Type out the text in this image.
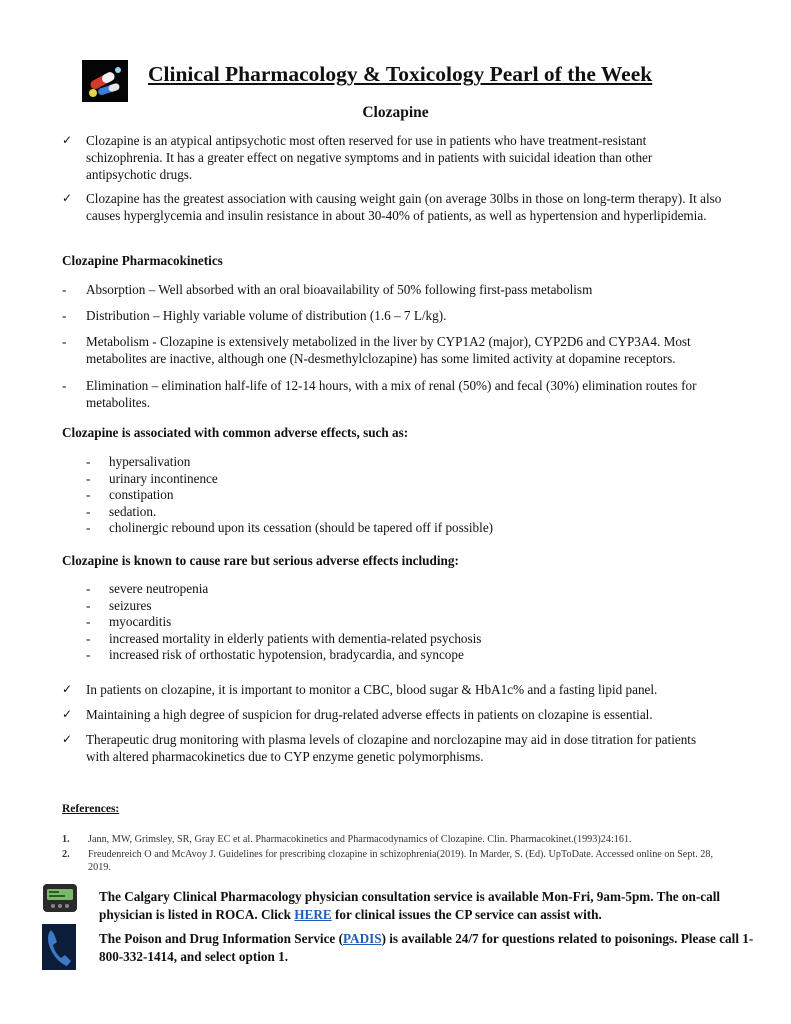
Clinical Pharmacology & Toxicology Pearl of the Week
Clozapine
✓ Clozapine is an atypical antipsychotic most often reserved for use in patients who have treatment-resistant schizophrenia. It has a greater effect on negative symptoms and in patients with suicidal ideation than other antipsychotic drugs.
✓ Clozapine has the greatest association with causing weight gain (on average 30lbs in those on long-term therapy). It also causes hyperglycemia and insulin resistance in about 30-40% of patients, as well as hypertension and hyperlipidemia.
Clozapine Pharmacokinetics
- Absorption – Well absorbed with an oral bioavailability of 50% following first-pass metabolism
- Distribution – Highly variable volume of distribution (1.6 – 7 L/kg).
- Metabolism - Clozapine is extensively metabolized in the liver by CYP1A2 (major), CYP2D6 and CYP3A4. Most metabolites are inactive, although one (N-desmethylclozapine) has some limited activity at dopamine receptors.
- Elimination – elimination half-life of 12-14 hours, with a mix of renal (50%) and fecal (30%) elimination routes for metabolites.
Clozapine is associated with common adverse effects, such as:
- hypersalivation
- urinary incontinence
- constipation
- sedation.
- cholinergic rebound upon its cessation (should be tapered off if possible)
Clozapine is known to cause rare but serious adverse effects including:
- severe neutropenia
- seizures
- myocarditis
- increased mortality in elderly patients with dementia-related psychosis
- increased risk of orthostatic hypotension, bradycardia, and syncope
✓ In patients on clozapine, it is important to monitor a CBC, blood sugar & HbA1c% and a fasting lipid panel.
✓ Maintaining a high degree of suspicion for drug-related adverse effects in patients on clozapine is essential.
✓ Therapeutic drug monitoring with plasma levels of clozapine and norclozapine may aid in dose titration for patients with altered pharmacokinetics due to CYP enzyme genetic polymorphisms.
References:
1. Jann, MW, Grimsley, SR, Gray EC et al. Pharmacokinetics and Pharmacodynamics of Clozapine. Clin. Pharmacokinet.(1993)24:161.
2. Freudenreich O and McAvoy J. Guidelines for prescribing clozapine in schizophrenia(2019). In Marder, S. (Ed). UpToDate. Accessed online on Sept. 28, 2019.
The Calgary Clinical Pharmacology physician consultation service is available Mon-Fri, 9am-5pm. The on-call physician is listed in ROCA. Click HERE for clinical issues the CP service can assist with.
The Poison and Drug Information Service (PADIS) is available 24/7 for questions related to poisonings. Please call 1-800-332-1414, and select option 1.
